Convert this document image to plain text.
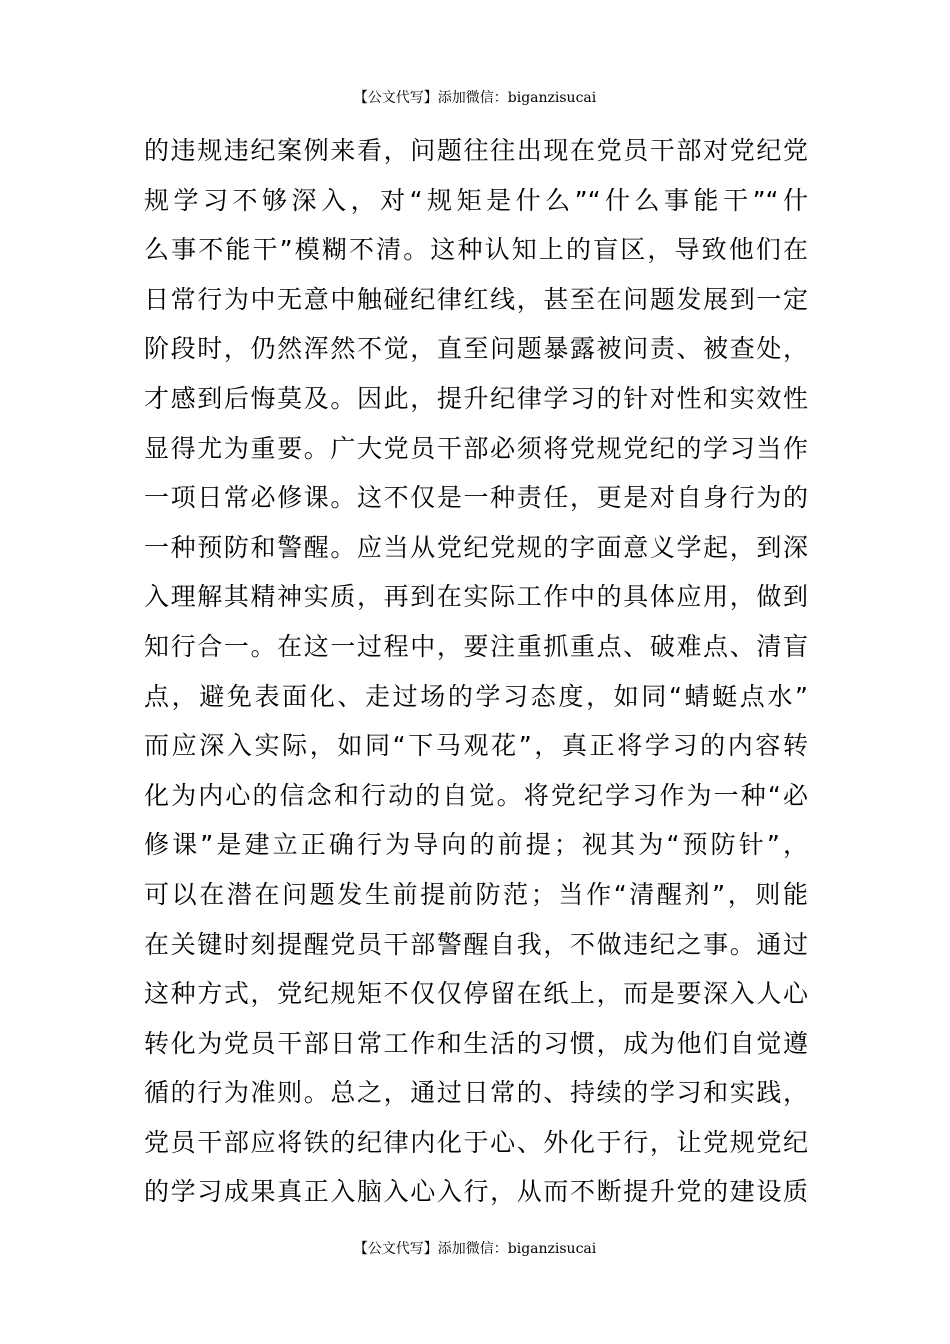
【公文代写】添加微信：biganzisucai
的违规违纪案例来看，问题往往出现在党员干部对党纪党
规学习不够深入，对“规矩是什么”“什么事能干”“什
么事不能干”模糊不清。这种认知上的盲区，导致他们在
日常行为中无意中触碰纪律红线，甚至在问题发展到一定
阶段时，仍然浑然不觉，直至问题暴露被问责、被查处，
才感到后悔莫及。因此，提升纪律学习的针对性和实效性
显得尤为重要。广大党员干部必须将党规党纪的学习当作
一项日常必修课。这不仅是一种责任，更是对自身行为的
一种预防和警醒。应当从党纪党规的字面意义学起，到深
入理解其精神实质，再到在实际工作中的具体应用，做到
知行合一。在这一过程中，要注重抓重点、破难点、清盲
点，避免表面化、走过场的学习态度，如同“蜻蜓点水”
而应深入实际，如同“下马观花”，真正将学习的内容转
化为内心的信念和行动的自觉。将党纪学习作为一种“必
修课”是建立正确行为导向的前提；视其为“预防针”，
可以在潜在问题发生前提前防范；当作“清醒剂”，则能
在关键时刻提醒党员干部警醒自我，不做违纪之事。通过
这种方式，党纪规矩不仅仅停留在纸上，而是要深入人心
转化为党员干部日常工作和生活的习惯，成为他们自觉遵
循的行为准则。总之，通过日常的、持续的学习和实践，
党员干部应将铁的纪律内化于心、外化于行，让党规党纪
的学习成果真正入脑入心入行，从而不断提升党的建设质
【公文代写】添加微信：biganzisucai
